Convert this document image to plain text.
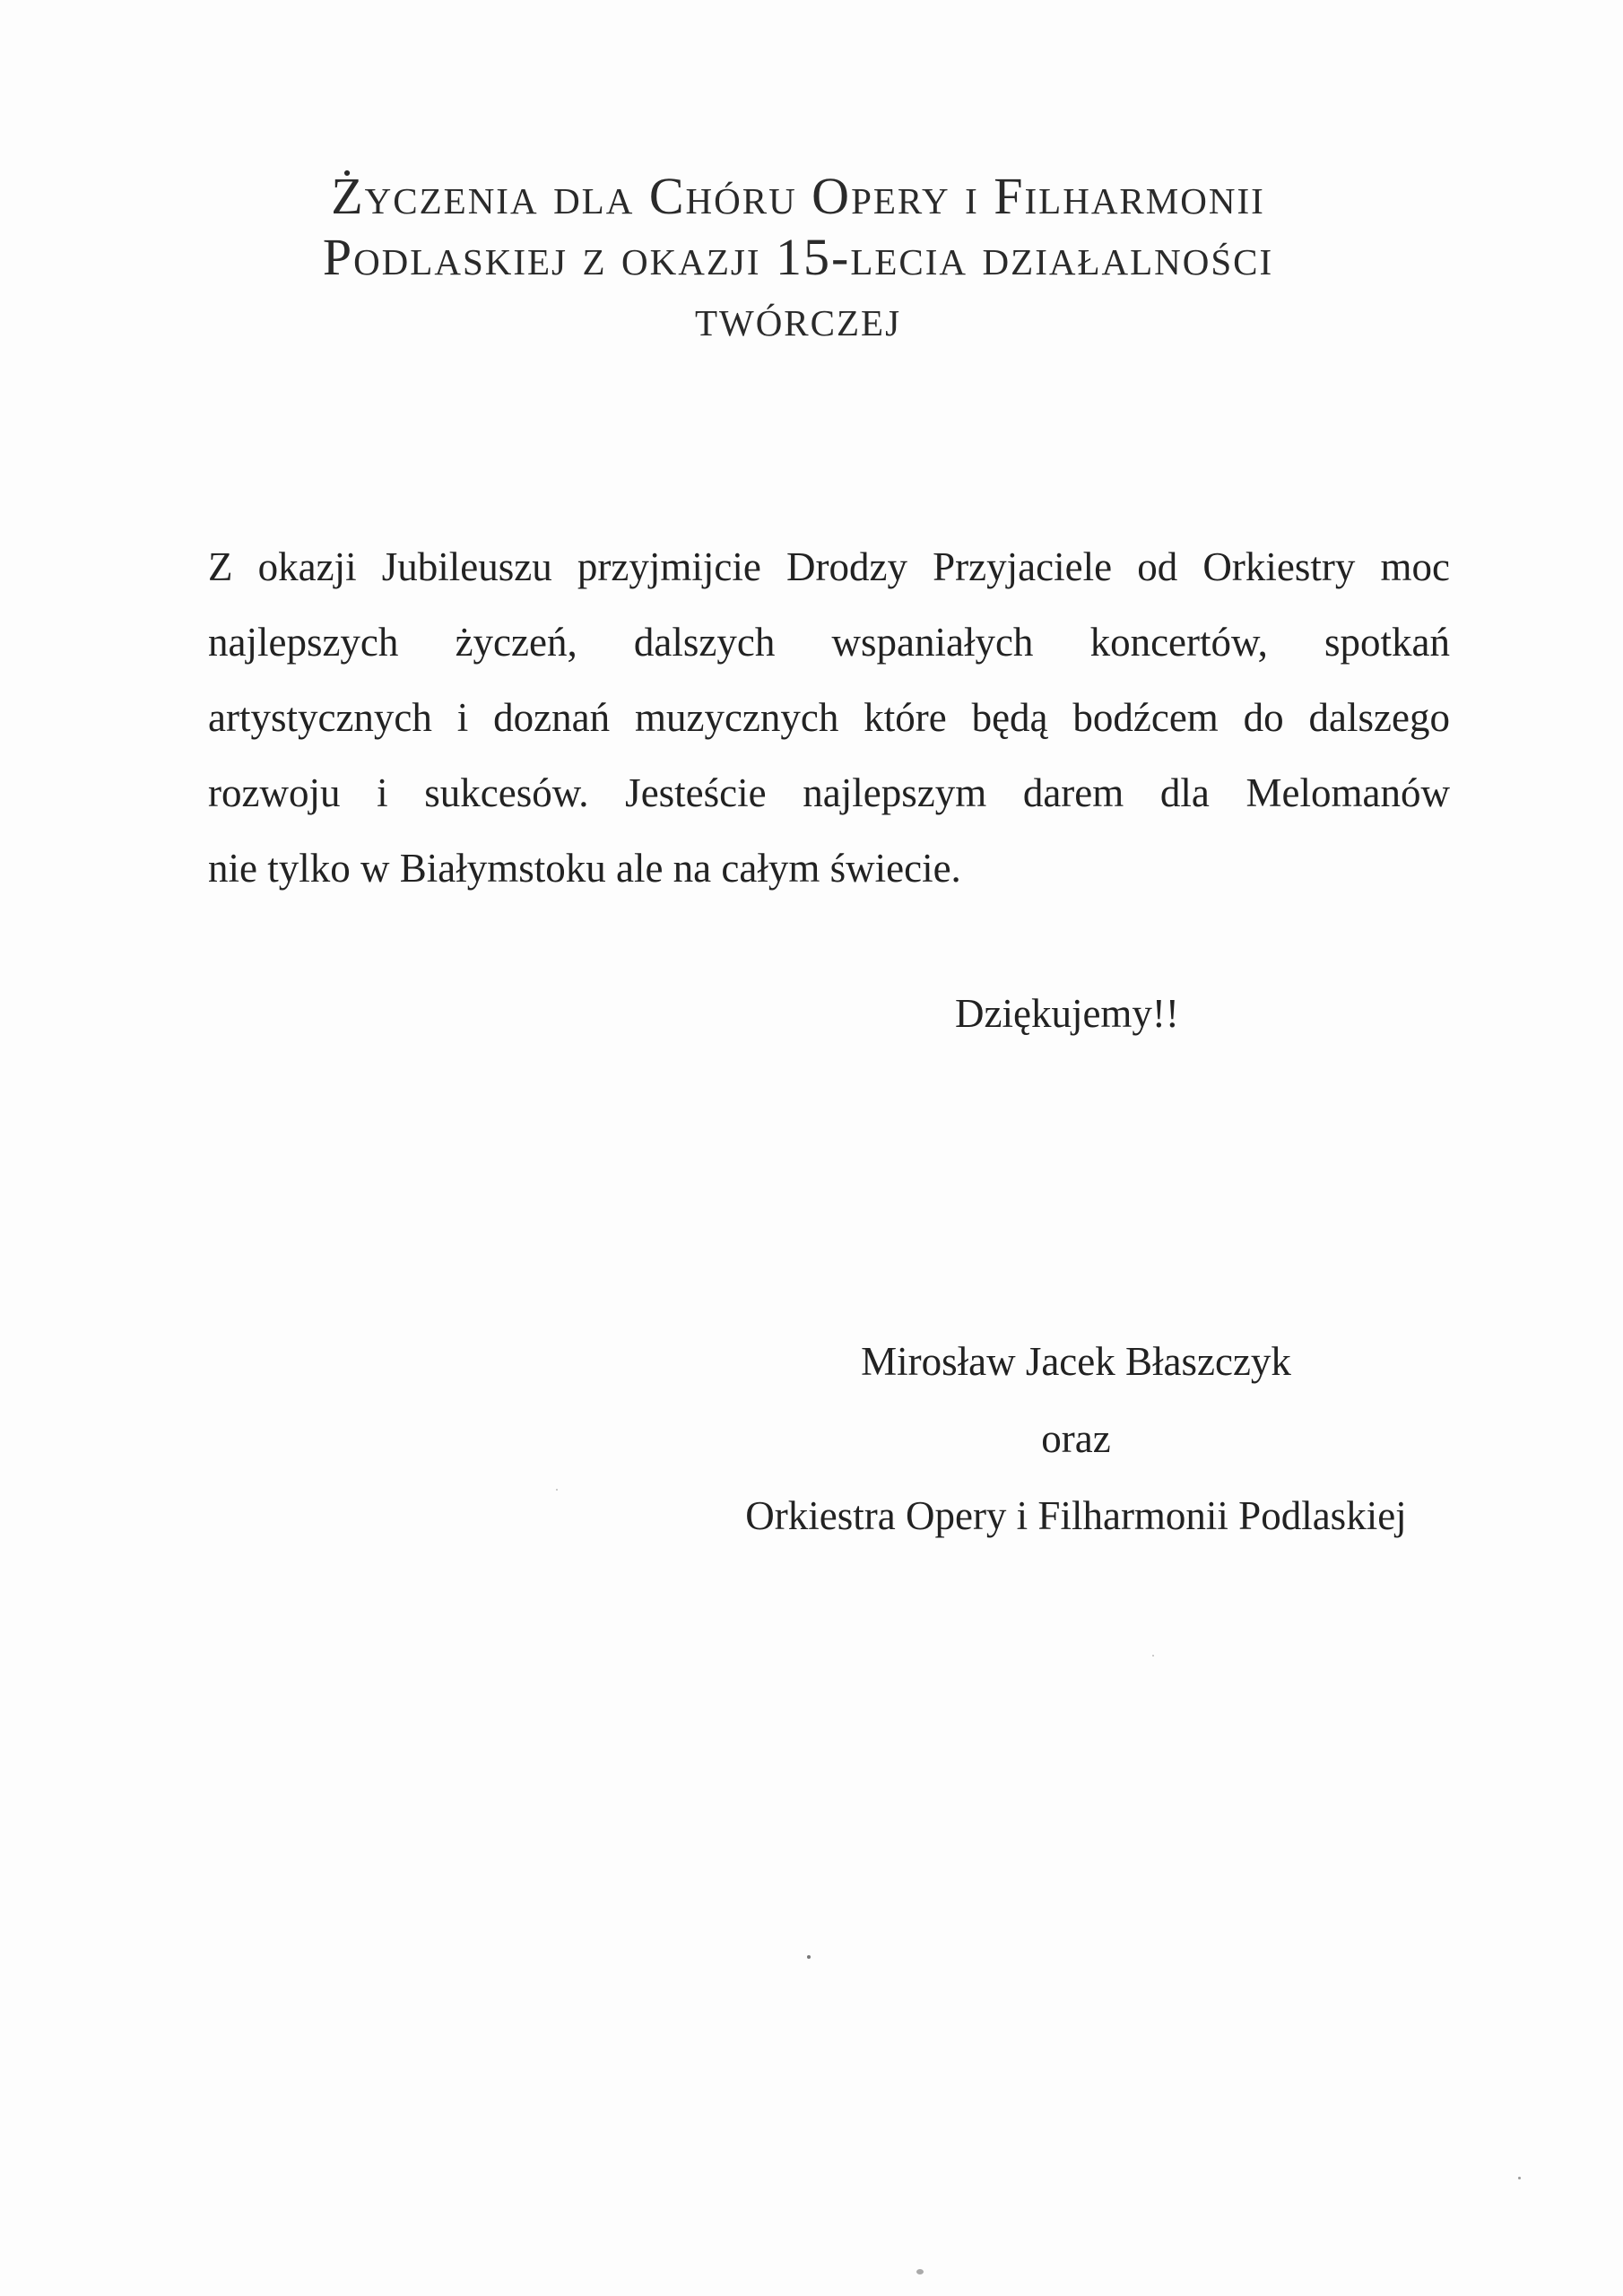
Życzenia dla Chóru Opery i Filharmonii
Podlaskiej z okazji 15-lecia działalności
twórczej
Z okazji Jubileuszu przyjmijcie Drodzy Przyjaciele od Orkiestry moc
najlepszych życzeń, dalszych wspaniałych koncertów, spotkań
artystycznych i doznań muzycznych które będą bodźcem do dalszego
rozwoju i sukcesów. Jesteście najlepszym darem dla Melomanów
nie tylko w Białymstoku ale na całym świecie.
Dziękujemy!!
Mirosław Jacek Błaszczyk
oraz
Orkiestra Opery i Filharmonii Podlaskiej
